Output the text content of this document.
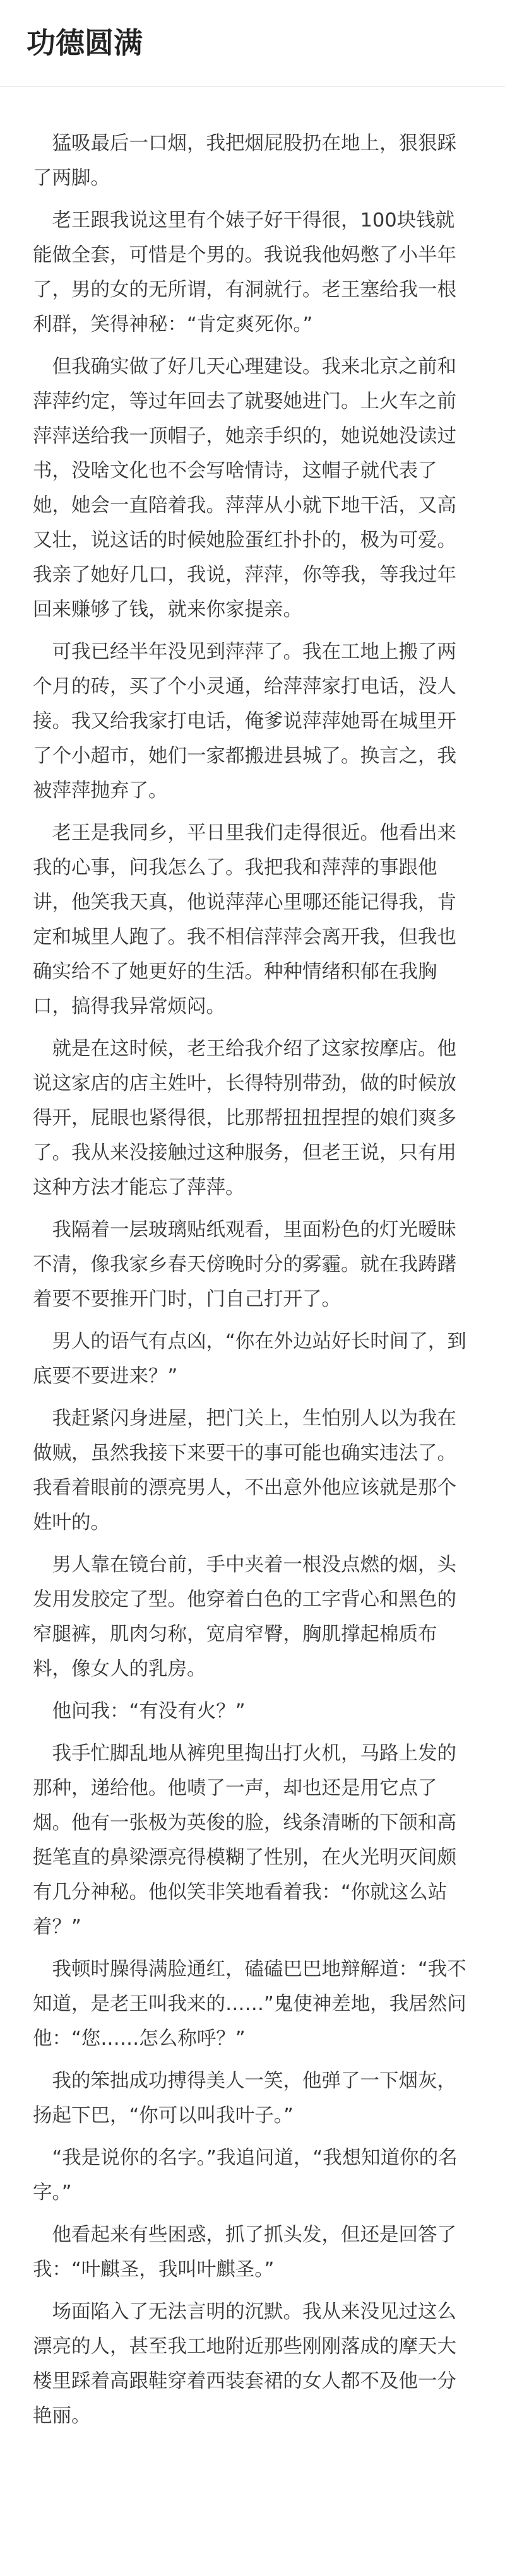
功德圆满

猛吸最后一口烟，我把烟屁股扔在地上，狠狠踩了两脚。

老王跟我说这里有个婊子好干得很，100块钱就能做全套，可惜是个男的。我说我他妈憋了小半年了，男的女的无所谓，有洞就行。老王塞给我一根利群，笑得神秘：“肯定爽死你。”

但我确实做了好几天心理建设。我来北京之前和萍萍约定，等过年回去了就娶她进门。上火车之前萍萍送给我一顶帽子，她亲手织的，她说她没读过书，没啥文化也不会写啥情诗，这帽子就代表了她，她会一直陪着我。萍萍从小就下地干活，又高又壮，说这话的时候她脸蛋红扑扑的，极为可爱。我亲了她好几口，我说，萍萍，你等我，等我过年回来赚够了钱，就来你家提亲。

可我已经半年没见到萍萍了。我在工地上搬了两个月的砖，买了个小灵通，给萍萍家打电话，没人接。我又给我家打电话，俺爹说萍萍她哥在城里开了个小超市，她们一家都搬进县城了。换言之，我被萍萍抛弃了。

老王是我同乡，平日里我们走得很近。他看出来我的心事，问我怎么了。我把我和萍萍的事跟他讲，他笑我天真，他说萍萍心里哪还能记得我，肯定和城里人跑了。我不相信萍萍会离开我，但我也确实给不了她更好的生活。种种情绪积郁在我胸口，搞得我异常烦闷。

就是在这时候，老王给我介绍了这家按摩店。他说这家店的店主姓叶，长得特别带劲，做的时候放得开，屁眼也紧得很，比那帮扭扭捏捏的娘们爽多了。我从来没接触过这种服务，但老王说，只有用这种方法才能忘了萍萍。

我隔着一层玻璃贴纸观看，里面粉色的灯光暧昧不清，像我家乡春天傍晚时分的雾霾。就在我踌躇着要不要推开门时，门自己打开了。

男人的语气有点凶，“你在外边站好长时间了，到底要不要进来？”

我赶紧闪身进屋，把门关上，生怕别人以为我在做贼，虽然我接下来要干的事可能也确实违法了。我看着眼前的漂亮男人，不出意外他应该就是那个姓叶的。

男人靠在镜台前，手中夹着一根没点燃的烟，头发用发胶定了型。他穿着白色的工字背心和黑色的窄腿裤，肌肉匀称，宽肩窄臀，胸肌撑起棉质布料，像女人的乳房。

他问我：“有没有火？”

我手忙脚乱地从裤兜里掏出打火机，马路上发的那种，递给他。他啧了一声，却也还是用它点了烟。他有一张极为英俊的脸，线条清晰的下颌和高挺笔直的鼻梁漂亮得模糊了性别，在火光明灭间颇有几分神秘。他似笑非笑地看着我：“你就这么站着？”

我顿时臊得满脸通红，磕磕巴巴地辩解道：“我不知道，是老王叫我来的……”鬼使神差地，我居然问他：“您……怎么称呼？”

我的笨拙成功搏得美人一笑，他弹了一下烟灰，扬起下巴，“你可以叫我叶子。”

“我是说你的名字。”我追问道，“我想知道你的名字。”

他看起来有些困惑，抓了抓头发，但还是回答了我：“叶麒圣，我叫叶麒圣。”

场面陷入了无法言明的沉默。我从来没见过这么漂亮的人，甚至我工地附近那些刚刚落成的摩天大楼里踩着高跟鞋穿着西装套裙的女人都不及他一分艳丽。
